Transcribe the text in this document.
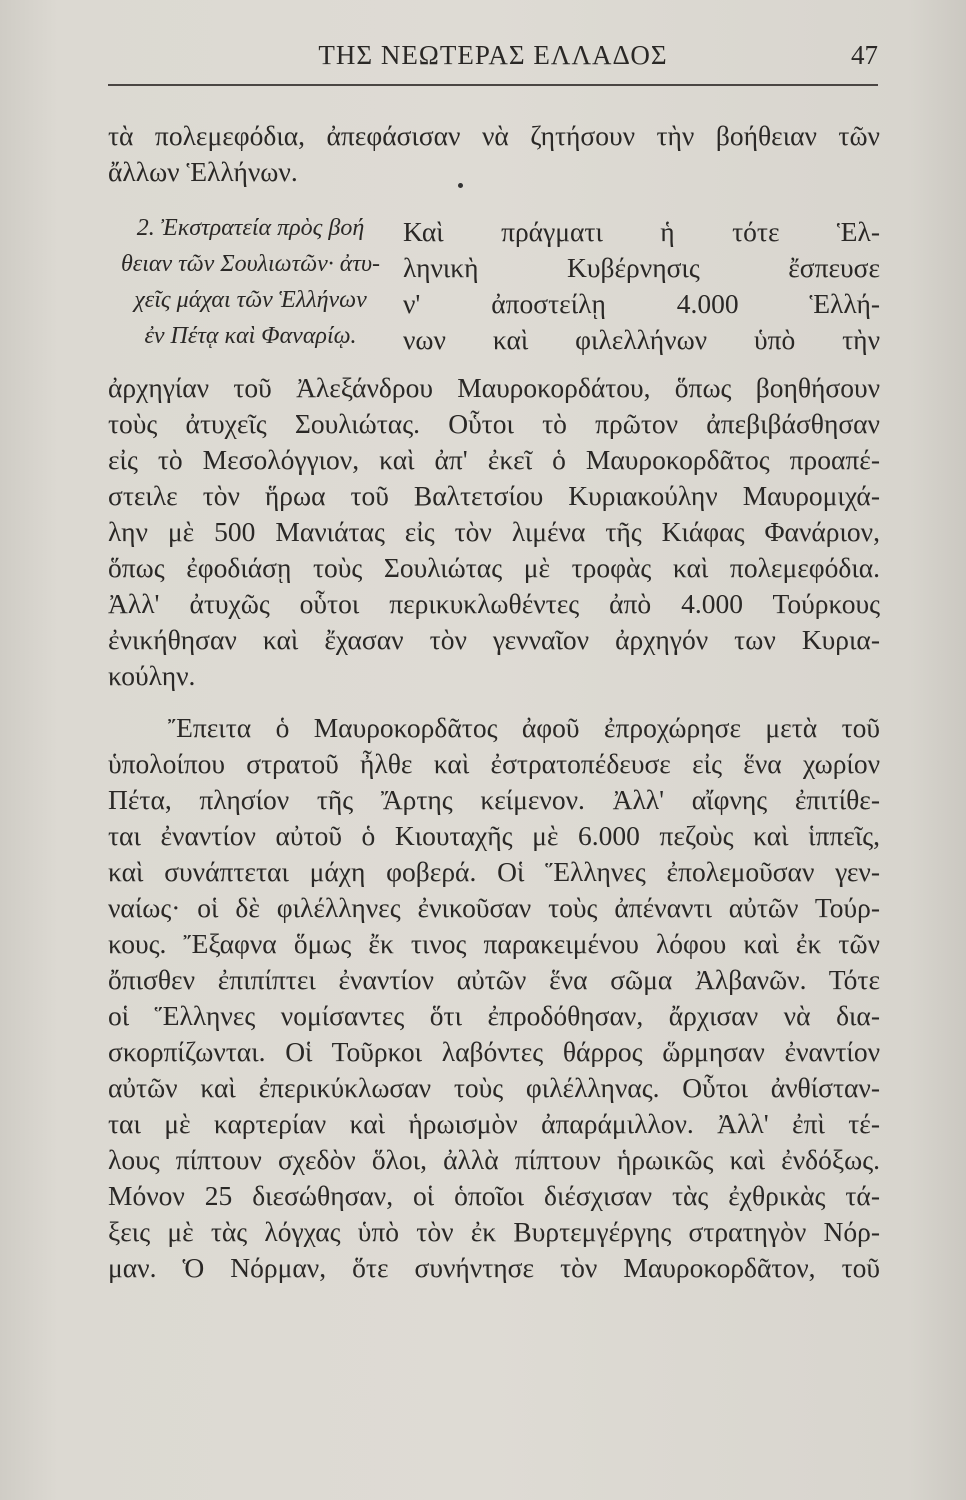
ΤΗΣ ΝΕΩΤΕΡΑΣ ΕΛΛΑΔΟΣ	47
τὰ πολεμεφόδια, ἀπεφάσισαν νὰ ζητήσουν τὴν βοήθειαν τῶν
ἄλλων Ἑλλήνων.
2. Ἐκστρατεία πρὸς βοή
θειαν τῶν Σουλιωτῶν· ἀτυ-
χεῖς μάχαι τῶν Ἑλλήνων
ἐν Πέτᾳ καὶ Φαναρίῳ.
Καὶ πράγματι ἡ τότε Ἑλ-
ληνικὴ Κυβέρνησις ἔσπευσε
ν' ἀποστείλῃ 4.000 Ἑλλή-
νων καὶ φιλελλήνων ὑπὸ τὴν
ἀρχηγίαν τοῦ Ἀλεξάνδρου Μαυροκορδάτου, ὅπως βοηθήσουν
τοὺς ἀτυχεῖς Σουλιώτας. Οὗτοι τὸ πρῶτον ἀπεβιβάσθησαν
εἰς τὸ Μεσολόγγιον, καὶ ἀπ' ἐκεῖ ὁ Μαυροκορδᾶτος προαπέ-
στειλε τὸν ἥρωα τοῦ Βαλτετσίου Κυριακούλην Μαυρομιχά-
λην μὲ 500 Μανιάτας εἰς τὸν λιμένα τῆς Κιάφας Φανάριον,
ὅπως ἐφοδιάσῃ τοὺς Σουλιώτας μὲ τροφὰς καὶ πολεμεφόδια.
Ἀλλ' ἀτυχῶς οὗτοι περικυκλωθέντες ἀπὸ 4.000 Τούρκους
ἐνικήθησαν καὶ ἔχασαν τὸν γενναῖον ἀρχηγόν των Κυρια-
κούλην.
Ἔπειτα ὁ Μαυροκορδᾶτος ἀφοῦ ἐπροχώρησε μετὰ τοῦ
ὑπολοίπου στρατοῦ ἦλθε καὶ ἐστρατοπέδευσε εἰς ἕνα χωρίον
Πέτα, πλησίον τῆς Ἄρτης κείμενον. Ἀλλ' αἴφνης ἐπιτίθε-
ται ἐναντίον αὐτοῦ ὁ Κιουταχῆς μὲ 6.000 πεζοὺς καὶ ἱππεῖς,
καὶ συνάπτεται μάχη φοβερά. Οἱ Ἕλληνες ἐπολεμοῦσαν γεν-
ναίως· οἱ δὲ φιλέλληνες ἐνικοῦσαν τοὺς ἀπέναντι αὐτῶν Τούρ-
κους. Ἔξαφνα ὅμως ἔκ τινος παρακειμένου λόφου καὶ ἐκ τῶν
ὄπισθεν ἐπιπίπτει ἐναντίον αὐτῶν ἕνα σῶμα Ἀλβανῶν. Τότε
οἱ Ἕλληνες νομίσαντες ὅτι ἐπροδόθησαν, ἄρχισαν νὰ δια-
σκορπίζωνται. Οἱ Τοῦρκοι λαβόντες θάρρος ὥρμησαν ἐναντίον
αὐτῶν καὶ ἐπερικύκλωσαν τοὺς φιλέλληνας. Οὗτοι ἀνθίσταν-
ται μὲ καρτερίαν καὶ ἡρωισμὸν ἀπαράμιλλον. Ἀλλ' ἐπὶ τέ-
λους πίπτουν σχεδὸν ὅλοι, ἀλλὰ πίπτουν ἡρωικῶς καὶ ἐνδόξως.
Μόνον 25 διεσώθησαν, οἱ ὁποῖοι διέσχισαν τὰς ἐχθρικὰς τά-
ξεις μὲ τὰς λόγχας ὑπὸ τὸν ἐκ Βυρτεμγέργης στρατηγὸν Νόρ-
μαν. Ὁ Νόρμαν, ὅτε συνήντησε τὸν Μαυροκορδᾶτον, τοῦ
